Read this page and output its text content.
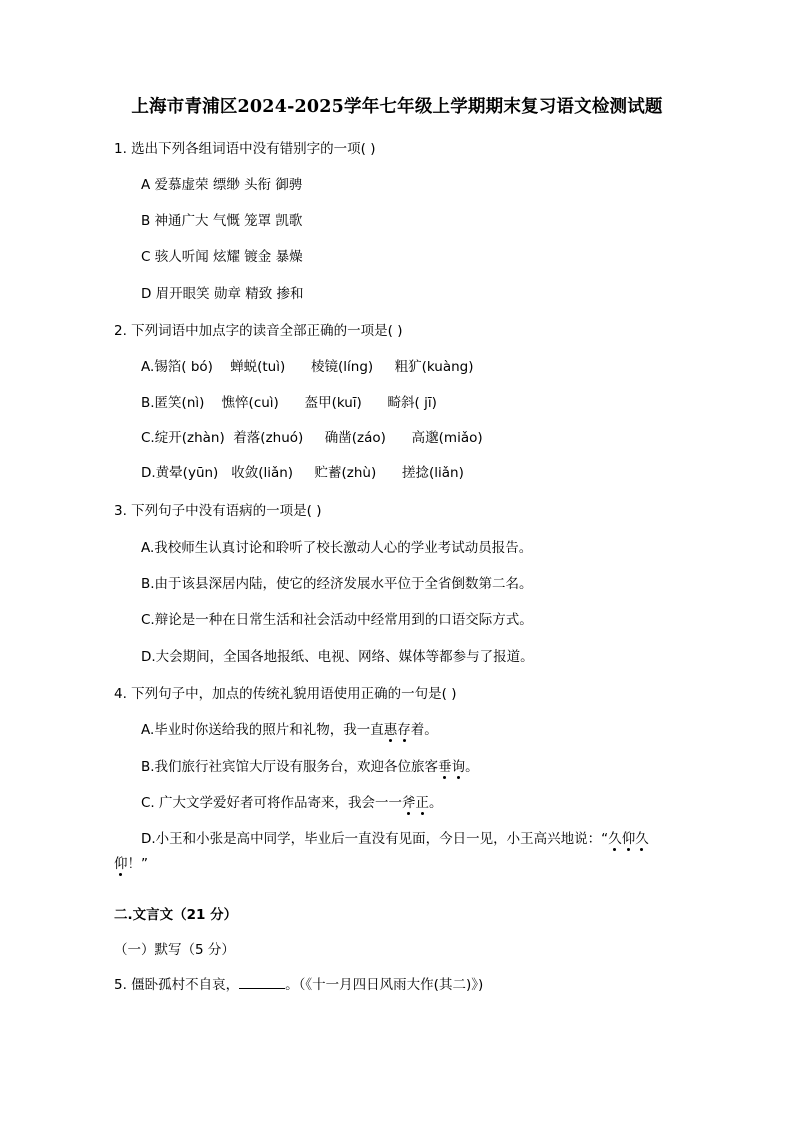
上海市青浦区2024-2025学年七年级上学期期末复习语文检测试题
1. 选出下列各组词语中没有错别字的一项( )
A 爱慕虚荣 缥缈 头衔 御骋
B 神通广大 气慨 笼罩 凯歌
C 骇人听闻 炫耀 镀金 暴燥
D 眉开眼笑 勋章 精致 掺和
2. 下列词语中加点字的读音全部正确的一项是( )
A.锡箔( bó)    蝉蜕(tuì)      棱镜(líng)     粗犷(kuàng)
B.匿笑(nì)    憔悴(cuì)      盔甲(kuī)      畸斜( jī)
C.绽开(zhàn)  着落(zhuó)     确凿(záo)      高邈(miǎo)
D.黄晕(yūn)   收敛(liǎn)     贮蓄(zhù)      搓捻(liǎn)
3. 下列句子中没有语病的一项是( )
A.我校师生认真讨论和聆听了校长激动人心的学业考试动员报告。
B.由于该县深居内陆，使它的经济发展水平位于全省倒数第二名。
C.辩论是一种在日常生活和社会活动中经常用到的口语交际方式。
D.大会期间，全国各地报纸、电视、网络、媒体等都参与了报道。
4. 下列句子中，加点的传统礼貌用语使用正确的一句是( )
A.毕业时你送给我的照片和礼物，我一直惠存着。
B.我们旅行社宾馆大厅设有服务台，欢迎各位旅客垂询。
C. 广大文学爱好者可将作品寄来，我会一一斧正。
D.小王和小张是高中同学，毕业后一直没有见面，今日一见，小王高兴地说：“久仰久
仰！”
二.文言文（21 分）
（一）默写（5 分）
5. 僵卧孤村不自哀，	。（《十一月四日风雨大作(其二)》)
